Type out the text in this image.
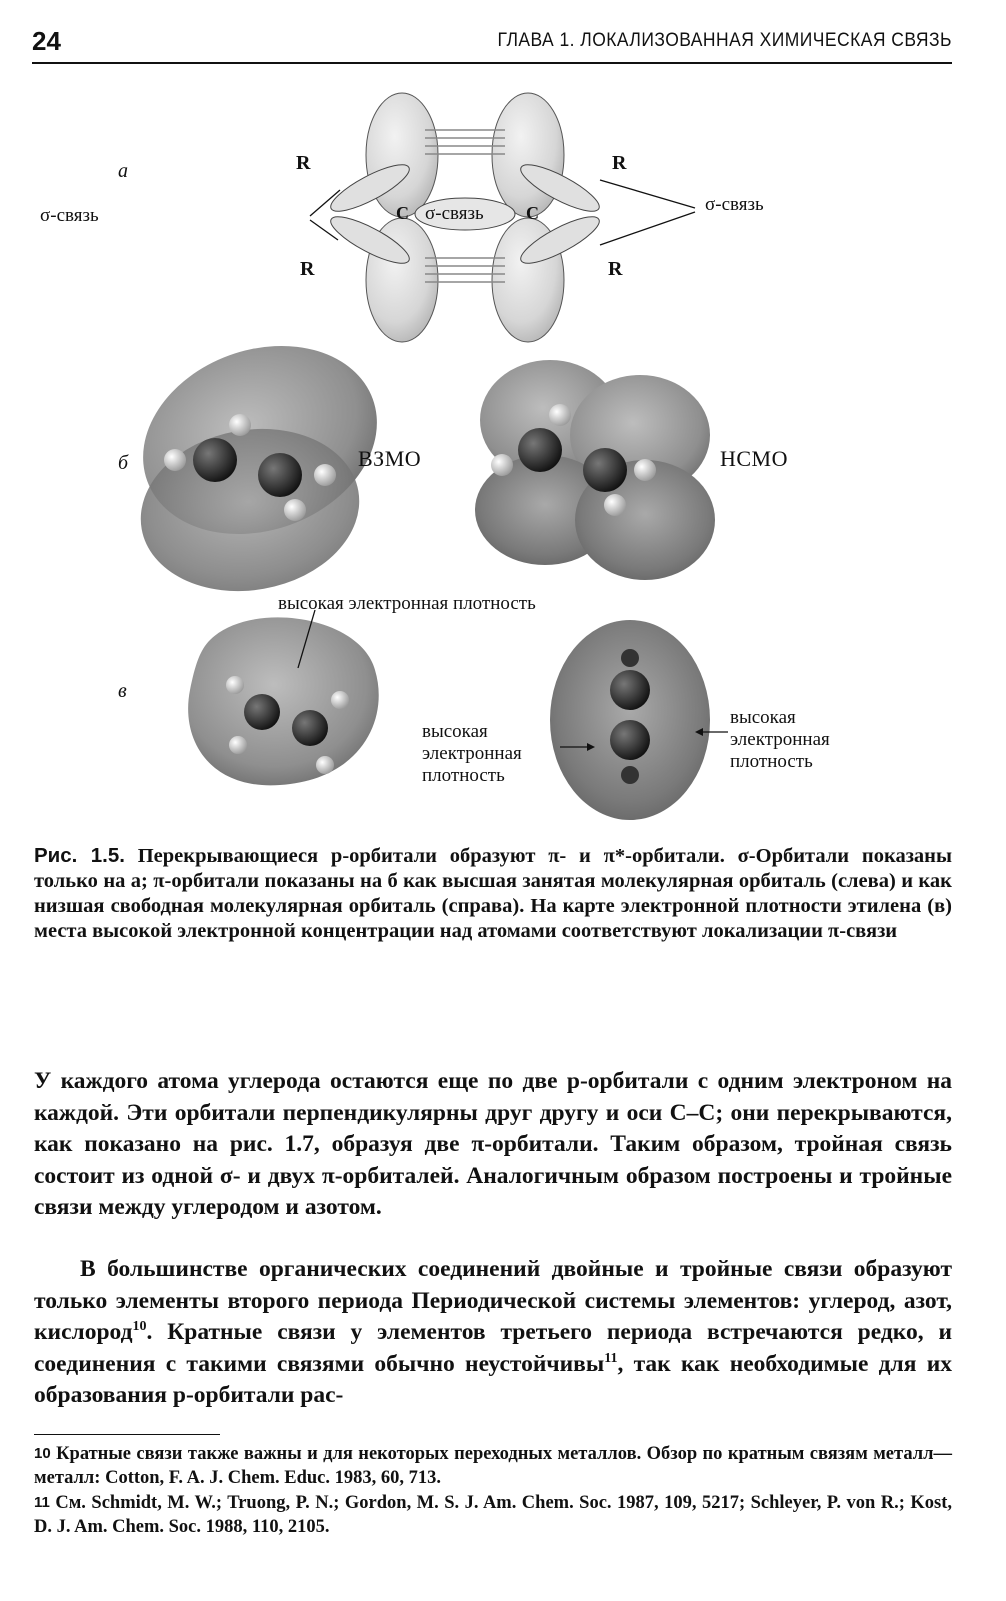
24	ГЛАВА 1. ЛОКАЛИЗОВАННАЯ ХИМИЧЕСКАЯ СВЯЗЬ
а
σ-связь	σ-связь	σ-связь
R
R
R
R
C	C
б	ВЗМО	НСМО
в
высокая электронная плотность
высокая
электронная
плотность
высокая
электронная
плотность
Рис. 1.5. Перекрывающиеся p-орбитали образуют π- и π*-орбитали. σ-Орбитали показаны только на а; π-орбитали показаны на б как высшая занятая молекулярная орбиталь (слева) и как низшая свободная молекулярная орбиталь (справа). На карте электронной плотности этилена (в) места высокой электронной концентрации над атомами соответствуют локализации π-связи
У каждого атома углерода остаются еще по две p-орбитали с одним электроном на каждой. Эти орбитали перпендикулярны друг другу и оси C–C; они перекрываются, как показано на рис. 1.7, образуя две π-орбитали. Таким образом, тройная связь состоит из одной σ- и двух π-орбиталей. Аналогичным образом построены и тройные связи между углеродом и азотом.
В большинстве органических соединений двойные и тройные связи образуют только элементы второго периода Периодической системы элементов: углерод, азот, кислород$^{10}$. Кратные связи у элементов третьего периода встречаются редко, и соединения с такими связями обычно неустойчивы$^{11}$, так как необходимые для их образования p-орбитали рас-
$^{10}$ Кратные связи также важны и для некоторых переходных металлов. Обзор по кратным связям металл—металл: Cotton, F. A. J. Chem. Educ. 1983, 60, 713.
$^{11}$ См. Schmidt, M. W.; Truong, P. N.; Gordon, M. S. J. Am. Chem. Soc. 1987, 109, 5217; Schleyer, P. von R.; Kost, D. J. Am. Chem. Soc. 1988, 110, 2105.
